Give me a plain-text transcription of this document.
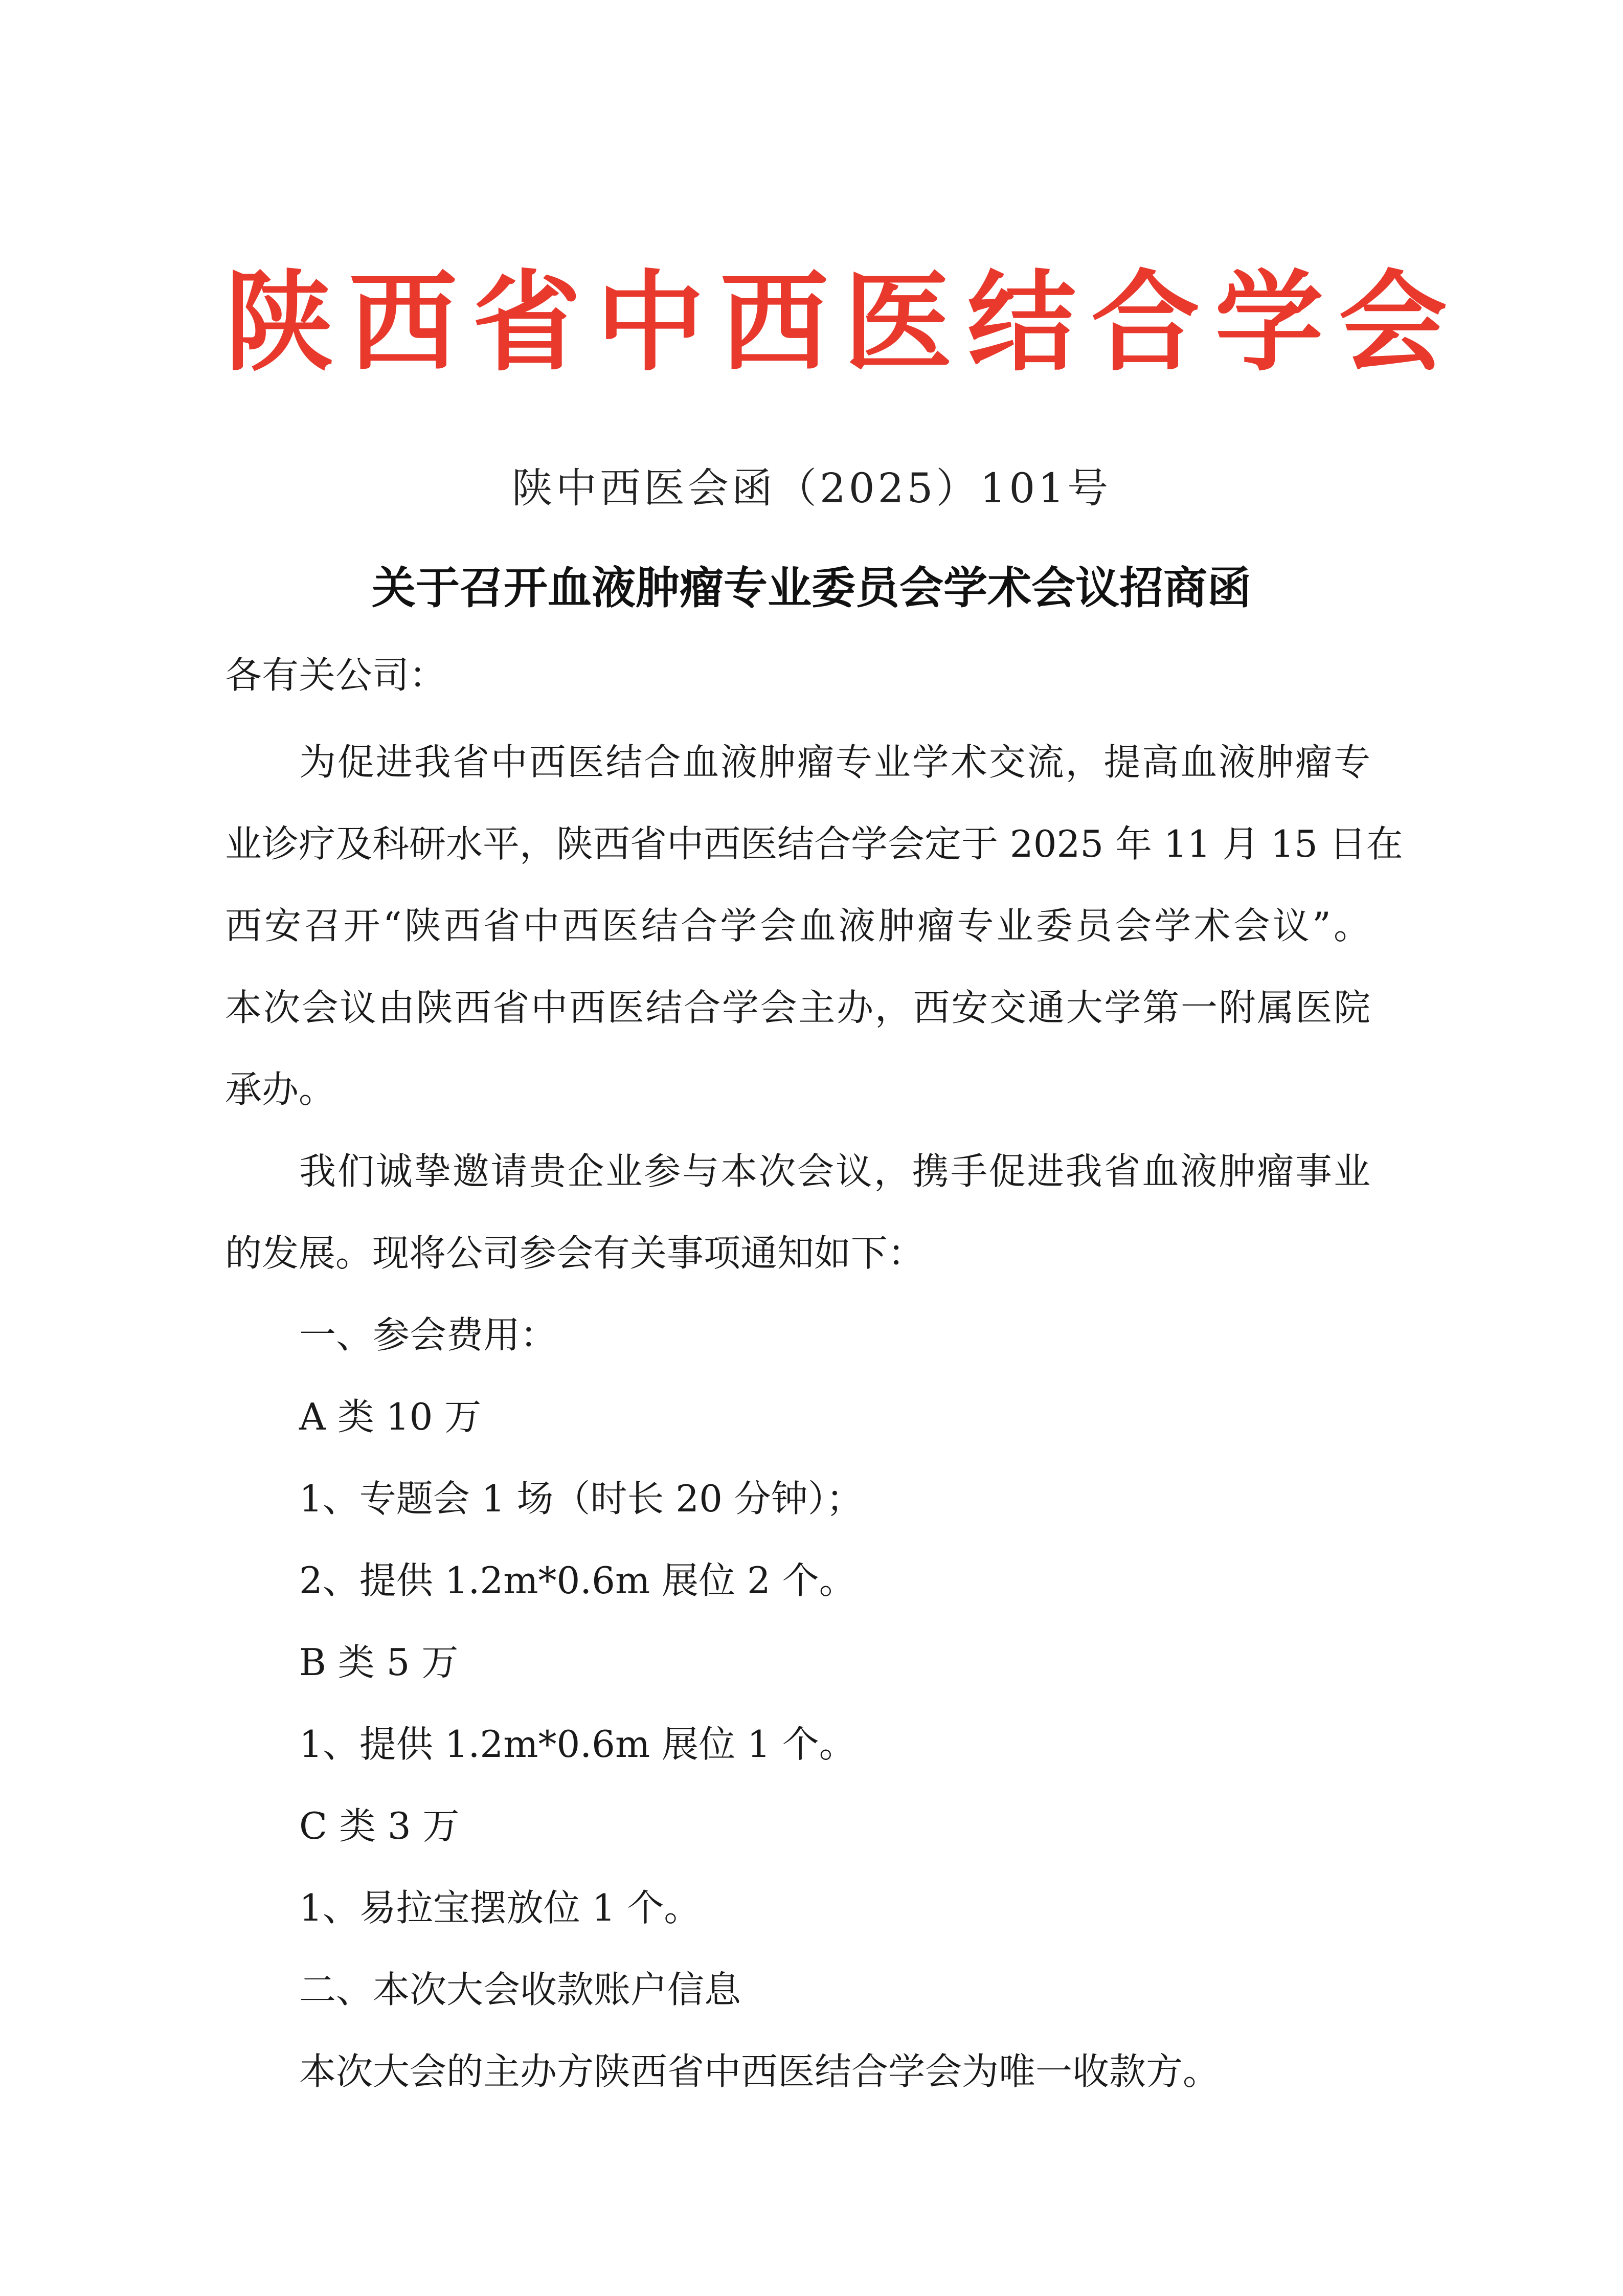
陕西省中西医结合学会
陕中西医会函（2025）101号
关于召开血液肿瘤专业委员会学术会议招商函
各有关公司：
为促进我省中西医结合血液肿瘤专业学术交流，提高血液肿瘤专
业诊疗及科研水平，陕西省中西医结合学会定于 2025 年 11 月 15 日在
西安召开“陕西省中西医结合学会血液肿瘤专业委员会学术会议”。
本次会议由陕西省中西医结合学会主办，西安交通大学第一附属医院
承办。
我们诚挚邀请贵企业参与本次会议，携手促进我省血液肿瘤事业
的发展。现将公司参会有关事项通知如下：
一、参会费用：
A 类 10 万
1、专题会 1 场（时长 20 分钟）；
2、提供 1.2m*0.6m 展位 2 个。
B 类 5 万
1、提供 1.2m*0.6m 展位 1 个。
C 类 3 万
1、易拉宝摆放位 1 个。
二、本次大会收款账户信息
本次大会的主办方陕西省中西医结合学会为唯一收款方。
